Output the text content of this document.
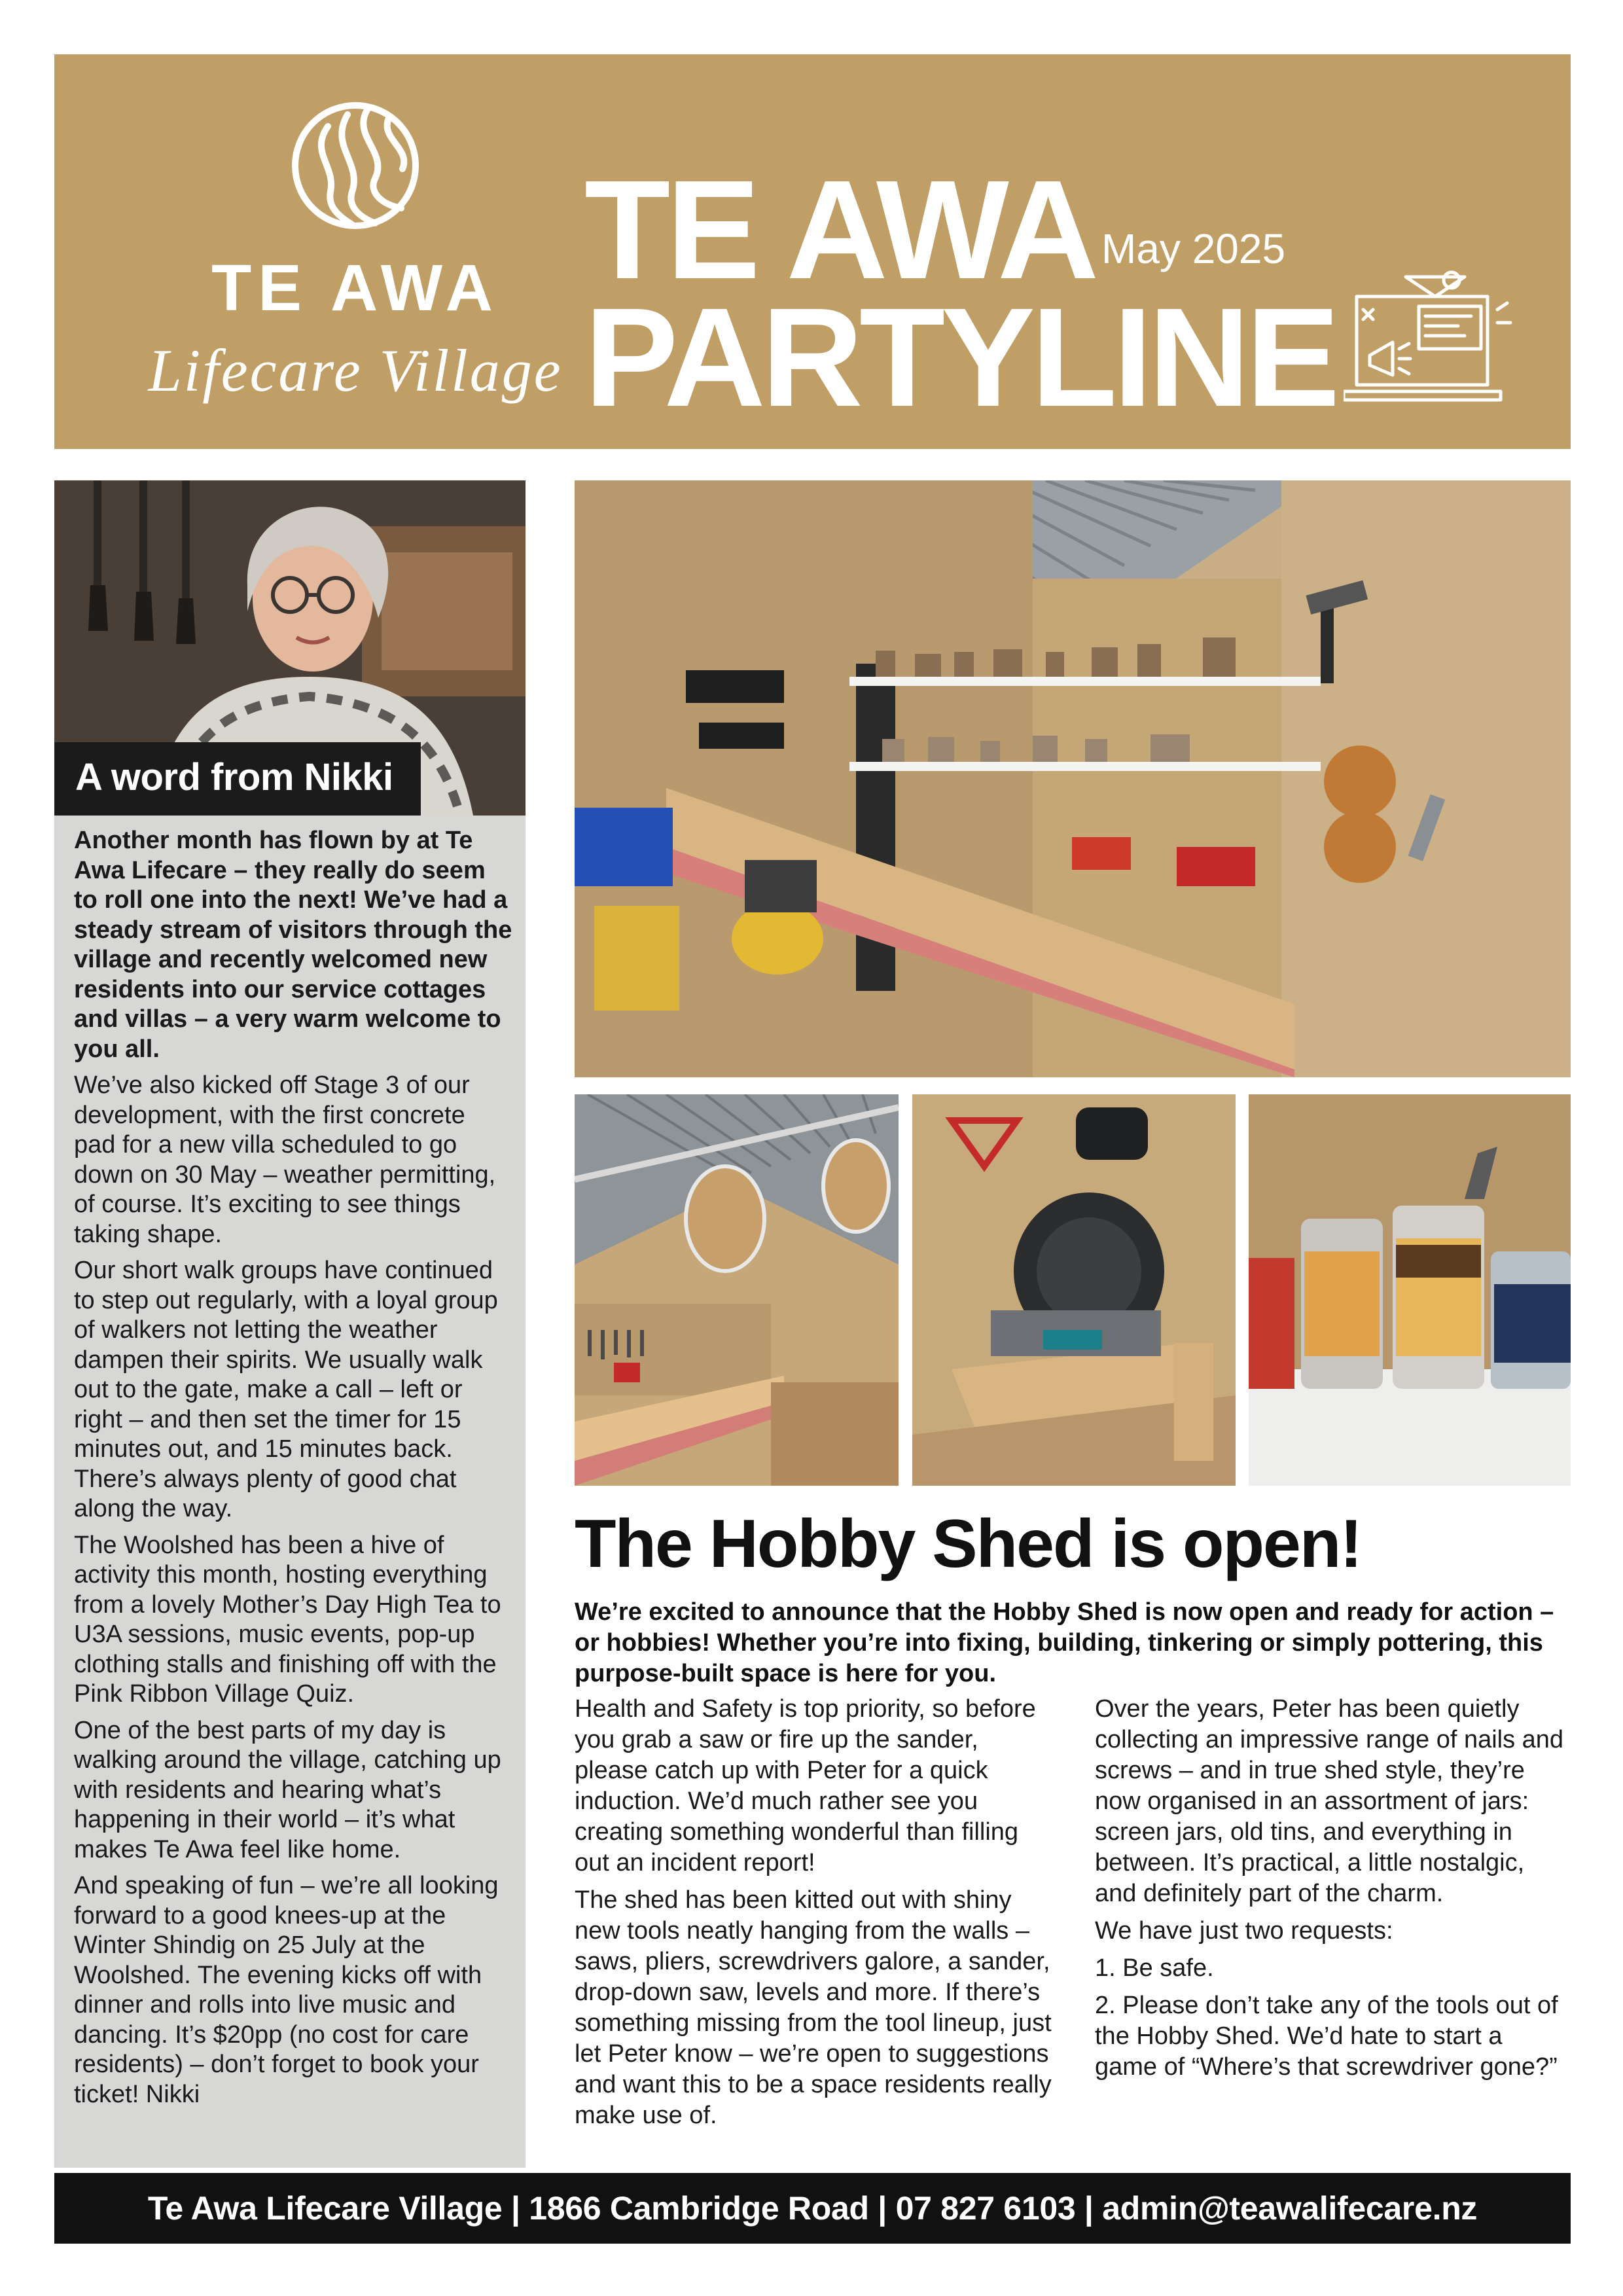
TE AWA
Lifecare Village
TE AWA May 2025
PARTYLINE
A word from Nikki

Another month has flown by at Te Awa Lifecare – they really do seem to roll one into the next! We’ve had a steady stream of visitors through the village and recently welcomed new residents into our service cottages and villas – a very warm welcome to you all.

We’ve also kicked off Stage 3 of our development, with the first concrete pad for a new villa scheduled to go down on 30 May – weather permitting, of course. It’s exciting to see things taking shape.

Our short walk groups have continued to step out regularly, with a loyal group of walkers not letting the weather dampen their spirits. We usually walk out to the gate, make a call – left or right – and then set the timer for 15 minutes out, and 15 minutes back. There’s always plenty of good chat along the way.

The Woolshed has been a hive of activity this month, hosting everything from a lovely Mother’s Day High Tea to U3A sessions, music events, pop-up clothing stalls and finishing off with the Pink Ribbon Village Quiz.

One of the best parts of my day is walking around the village, catching up with residents and hearing what’s happening in their world – it’s what makes Te Awa feel like home.

And speaking of fun – we’re all looking forward to a good knees-up at the Winter Shindig on 25 July at the Woolshed. The evening kicks off with dinner and rolls into live music and dancing. It’s $20pp (no cost for care residents) – don’t forget to book your ticket! Nikki

The Hobby Shed is open!

We’re excited to announce that the Hobby Shed is now open and ready for action – or hobbies! Whether you’re into fixing, building, tinkering or simply pottering, this purpose-built space is here for you.

Health and Safety is top priority, so before you grab a saw or fire up the sander, please catch up with Peter for a quick induction. We’d much rather see you creating something wonderful than filling out an incident report!

The shed has been kitted out with shiny new tools neatly hanging from the walls – saws, pliers, screwdrivers galore, a sander, drop-down saw, levels and more. If there’s something missing from the tool lineup, just let Peter know – we’re open to suggestions and want this to be a space residents really make use of.

Over the years, Peter has been quietly collecting an impressive range of nails and screws – and in true shed style, they’re now organised in an assortment of jars: screen jars, old tins, and everything in between. It’s practical, a little nostalgic, and definitely part of the charm.

We have just two requests:

1. Be safe.

2. Please don’t take any of the tools out of the Hobby Shed. We’d hate to start a game of “Where’s that screwdriver gone?”

Te Awa Lifecare Village | 1866 Cambridge Road | 07 827 6103 | admin@teawalifecare.nz
